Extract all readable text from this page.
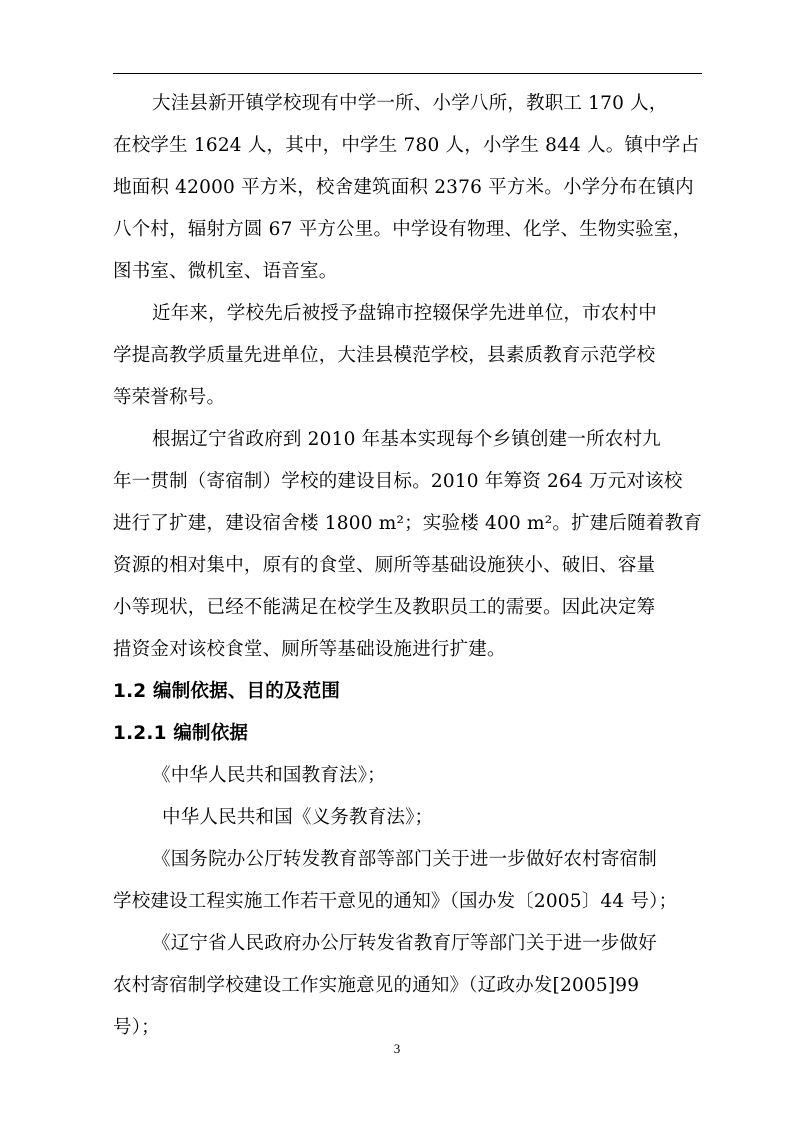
大洼县新开镇学校现有中学一所、小学八所，教职工 170 人，
在校学生 1624 人，其中，中学生 780 人，小学生 844 人。镇中学占
地面积 42000 平方米，校舍建筑面积 2376 平方米。小学分布在镇内
八个村，辐射方圆 67 平方公里。中学设有物理、化学、生物实验室，
图书室、微机室、语音室。
近年来，学校先后被授予盘锦市控辍保学先进单位，市农村中
学提高教学质量先进单位，大洼县模范学校，县素质教育示范学校
等荣誉称号。
根据辽宁省政府到 2010 年基本实现每个乡镇创建一所农村九
年一贯制（寄宿制）学校的建设目标。2010 年筹资 264 万元对该校
进行了扩建，建设宿舍楼 1800 m²；实验楼 400 m²。扩建后随着教育
资源的相对集中，原有的食堂、厕所等基础设施狭小、破旧、容量
小等现状，已经不能满足在校学生及教职员工的需要。因此决定筹
措资金对该校食堂、厕所等基础设施进行扩建。
1.2 编制依据、目的及范围
1.2.1 编制依据
《中华人民共和国教育法》；
中华人民共和国《义务教育法》；
《国务院办公厅转发教育部等部门关于进一步做好农村寄宿制
学校建设工程实施工作若干意见的通知》（国办发〔2005〕44 号）；
《辽宁省人民政府办公厅转发省教育厅等部门关于进一步做好
农村寄宿制学校建设工作实施意见的通知》（辽政办发[2005]99
号）；
3
